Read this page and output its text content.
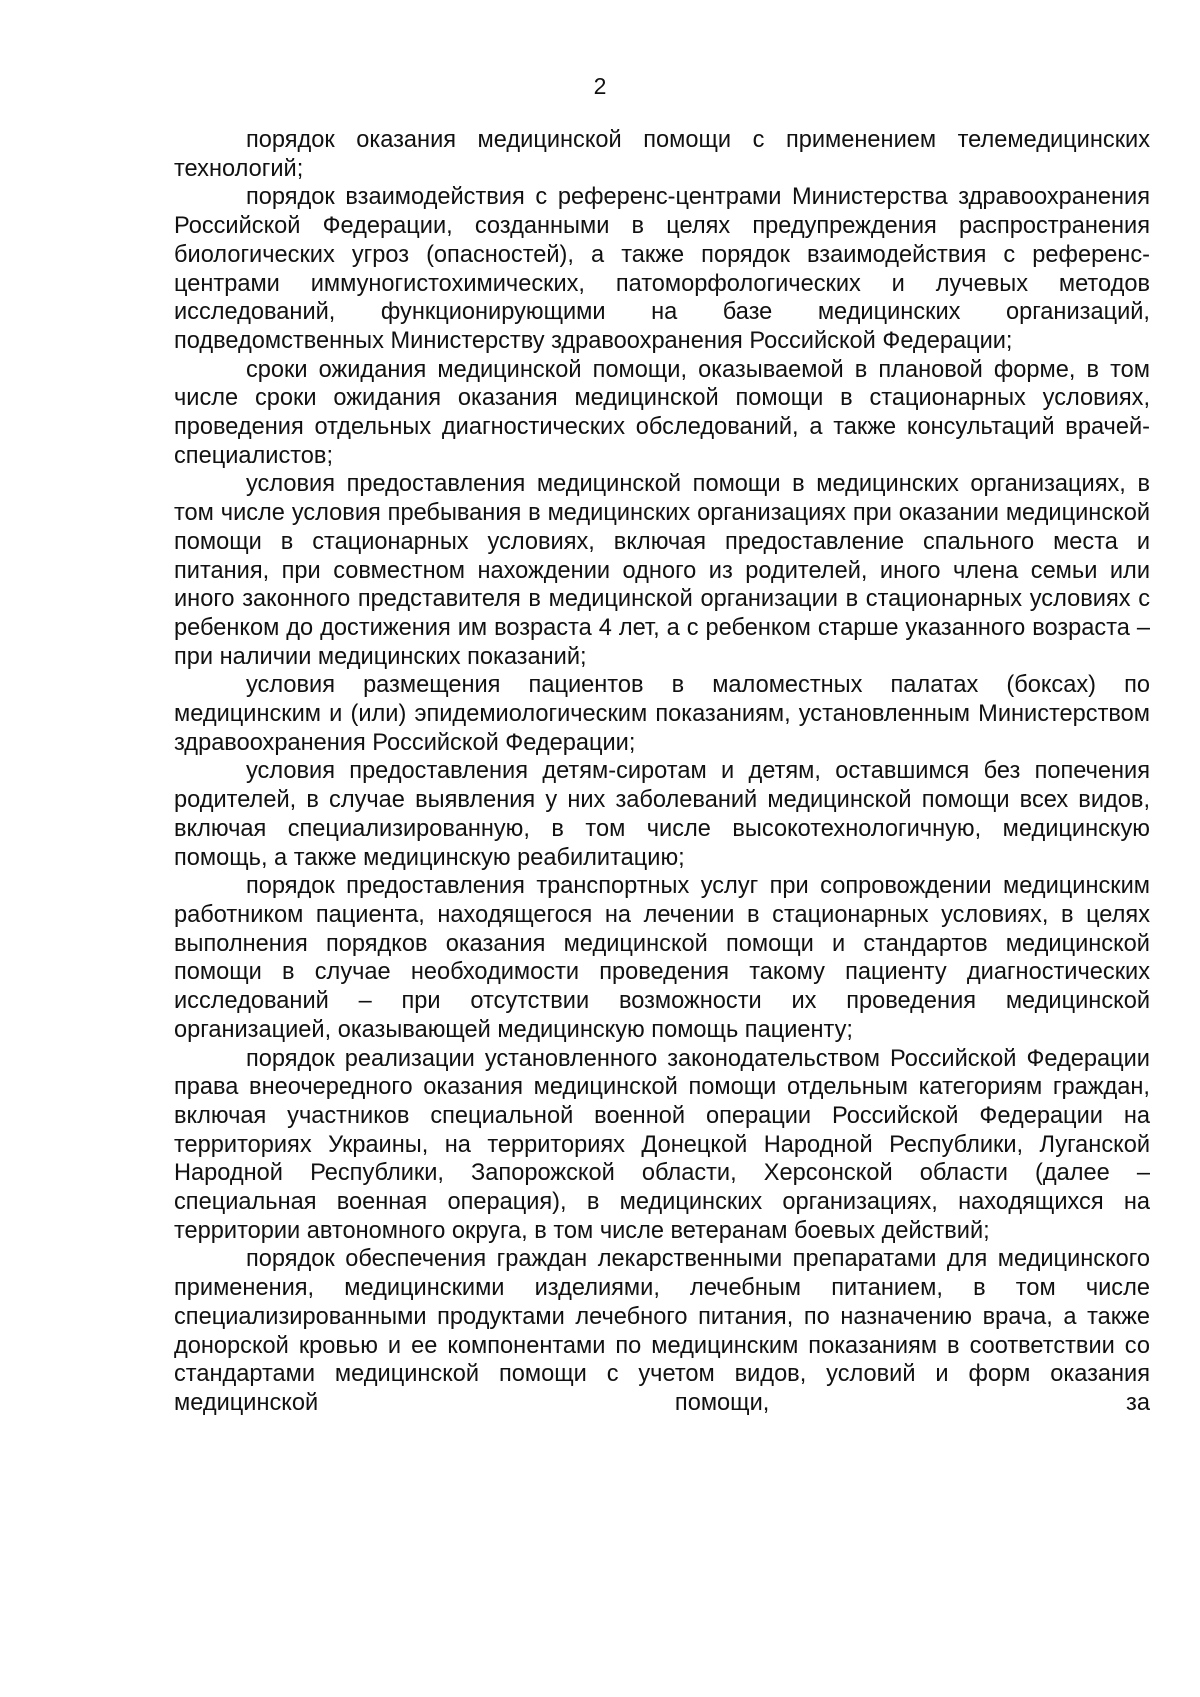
2

порядок оказания медицинской помощи с применением телемедицинских технологий;

порядок взаимодействия с референс-центрами Министерства здравоохранения Российской Федерации, созданными в целях предупреждения распространения биологических угроз (опасностей), а также порядок взаимодействия с референс-центрами иммуногистохимических, патоморфологических и лучевых методов исследований, функционирующими на базе медицинских организаций, подведомственных Министерству здравоохранения Российской Федерации;

сроки ожидания медицинской помощи, оказываемой в плановой форме, в том числе сроки ожидания оказания медицинской помощи в стационарных условиях, проведения отдельных диагностических обследований, а также консультаций врачей-специалистов;

условия предоставления медицинской помощи в медицинских организациях, в том числе условия пребывания в медицинских организациях при оказании медицинской помощи в стационарных условиях, включая предоставление спального места и питания, при совместном нахождении одного из родителей, иного члена семьи или иного законного представителя в медицинской организации в стационарных условиях с ребенком до достижения им возраста 4 лет, а с ребенком старше указанного возраста – при наличии медицинских показаний;

условия размещения пациентов в маломестных палатах (боксах) по медицинским и (или) эпидемиологическим показаниям, установленным Министерством здравоохранения Российской Федерации;

условия предоставления детям-сиротам и детям, оставшимся без попечения родителей, в случае выявления у них заболеваний медицинской помощи всех видов, включая специализированную, в том числе высокотехнологичную, медицинскую помощь, а также медицинскую реабилитацию;

порядок предоставления транспортных услуг при сопровождении медицинским работником пациента, находящегося на лечении в стационарных условиях, в целях выполнения порядков оказания медицинской помощи и стандартов медицинской помощи в случае необходимости проведения такому пациенту диагностических исследований – при отсутствии возможности их проведения медицинской организацией, оказывающей медицинскую помощь пациенту;

порядок реализации установленного законодательством Российской Федерации права внеочередного оказания медицинской помощи отдельным категориям граждан, включая участников специальной военной операции Российской Федерации на территориях Украины, на территориях Донецкой Народной Республики, Луганской Народной Республики, Запорожской области, Херсонской области (далее – специальная военная операция), в медицинских организациях, находящихся на территории автономного округа, в том числе ветеранам боевых действий;

порядок обеспечения граждан лекарственными препаратами для медицинского применения, медицинскими изделиями, лечебным питанием, в том числе специализированными продуктами лечебного питания, по назначению врача, а также донорской кровью и ее компонентами по медицинским показаниям в соответствии со стандартами медицинской помощи с учетом видов, условий и форм оказания медицинской помощи, за
